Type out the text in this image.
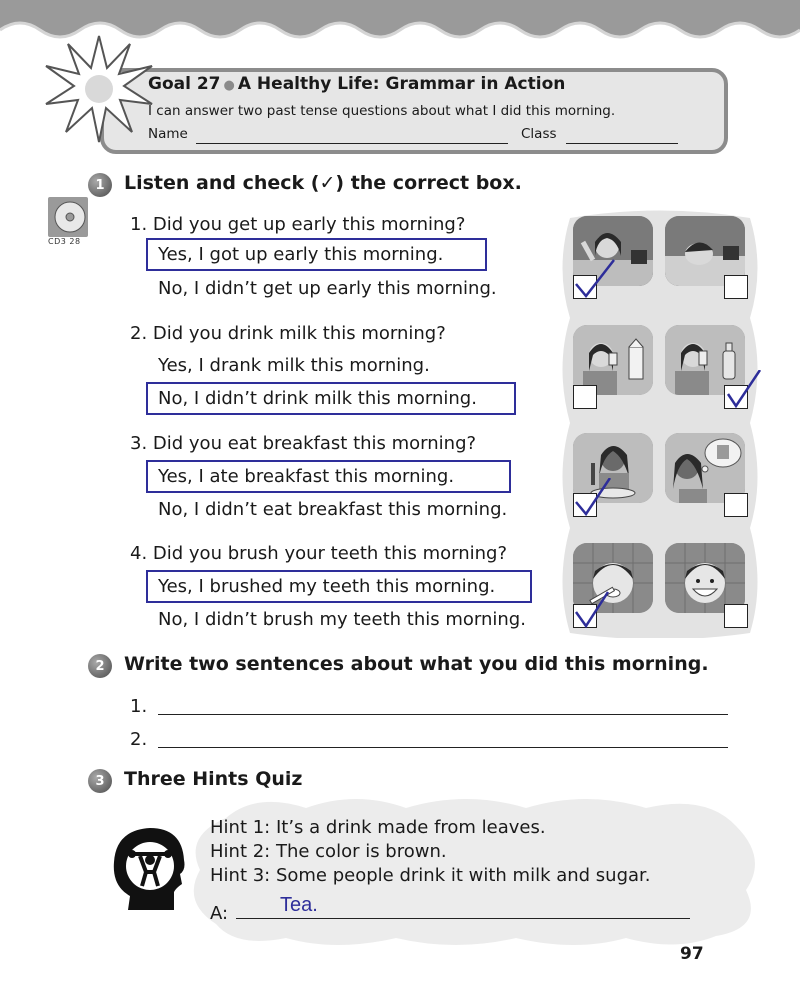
Goal 27 ● A Healthy Life: Grammar in Action
I can answer two past tense questions about what I did this morning.
Name	Class
1	Listen and check (✓) the correct box.
CD3 28
1. Did you get up early this morning?
Yes, I got up early this morning.
No, I didn’t get up early this morning.
2. Did you drink milk this morning?
Yes, I drank milk this morning.
No, I didn’t drink milk this morning.
3. Did you eat breakfast this morning?
Yes, I ate breakfast this morning.
No, I didn’t eat breakfast this morning.
4. Did you brush your teeth this morning?
Yes, I brushed my teeth this morning.
No, I didn’t brush my teeth this morning.
2	Write two sentences about what you did this morning.
1.
2.
3	Three Hints Quiz
Hint 1: It’s a drink made from leaves.
Hint 2: The color is brown.
Hint 3: Some people drink it with milk and sugar.
A:	Tea.
97
